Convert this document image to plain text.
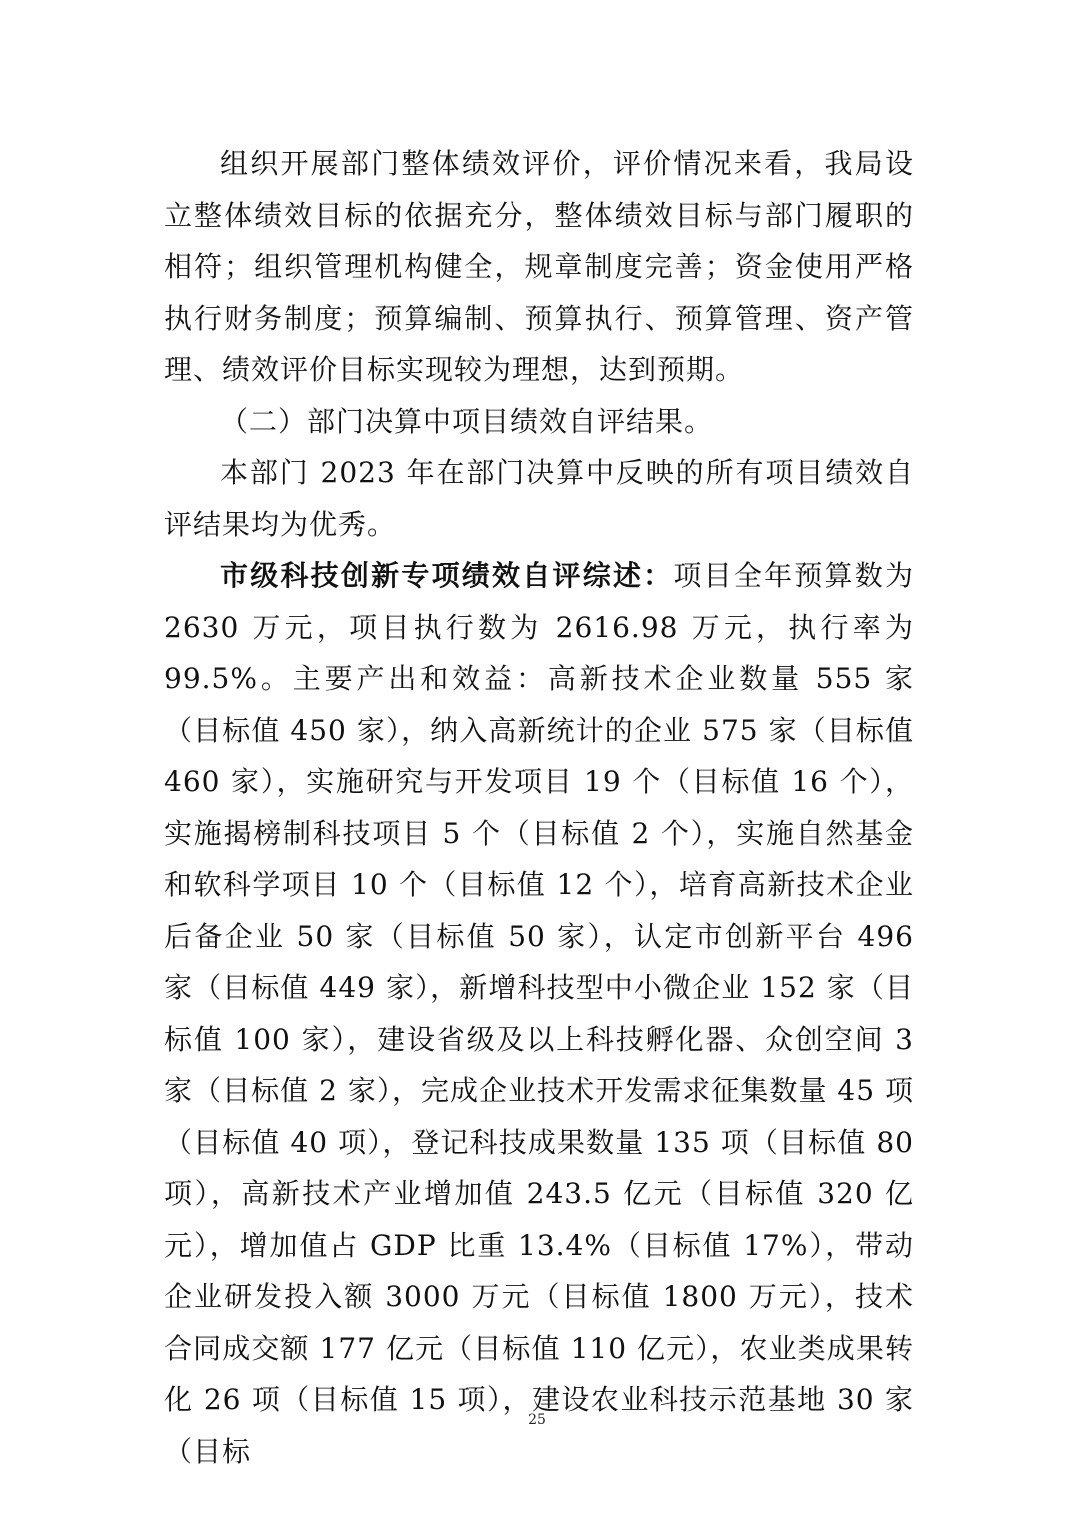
组织开展部门整体绩效评价，评价情况来看，我局设立整体绩效目标的依据充分，整体绩效目标与部门履职的相符；组织管理机构健全，规章制度完善；资金使用严格执行财务制度；预算编制、预算执行、预算管理、资产管理、绩效评价目标实现较为理想，达到预期。

（二）部门决算中项目绩效自评结果。

本部门 2023 年在部门决算中反映的所有项目绩效自评结果均为优秀。

市级科技创新专项绩效自评综述：项目全年预算数为 2630 万元，项目执行数为 2616.98 万元，执行率为 99.5%。主要产出和效益：高新技术企业数量 555 家（目标值 450 家），纳入高新统计的企业 575 家（目标值 460 家），实施研究与开发项目 19 个（目标值 16 个），实施揭榜制科技项目 5 个（目标值 2 个），实施自然基金和软科学项目 10 个（目标值 12 个），培育高新技术企业后备企业 50 家（目标值 50 家），认定市创新平台 496 家（目标值 449 家），新增科技型中小微企业 152 家（目标值 100 家），建设省级及以上科技孵化器、众创空间 3 家（目标值 2 家），完成企业技术开发需求征集数量 45 项（目标值 40 项），登记科技成果数量 135 项（目标值 80 项），高新技术产业增加值 243.5 亿元（目标值 320 亿元），增加值占 GDP 比重 13.4%（目标值 17%），带动企业研发投入额 3000 万元（目标值 1800 万元），技术合同成交额 177 亿元（目标值 110 亿元），农业类成果转化 26 项（目标值 15 项），建设农业科技示范基地 30 家（目标

25
